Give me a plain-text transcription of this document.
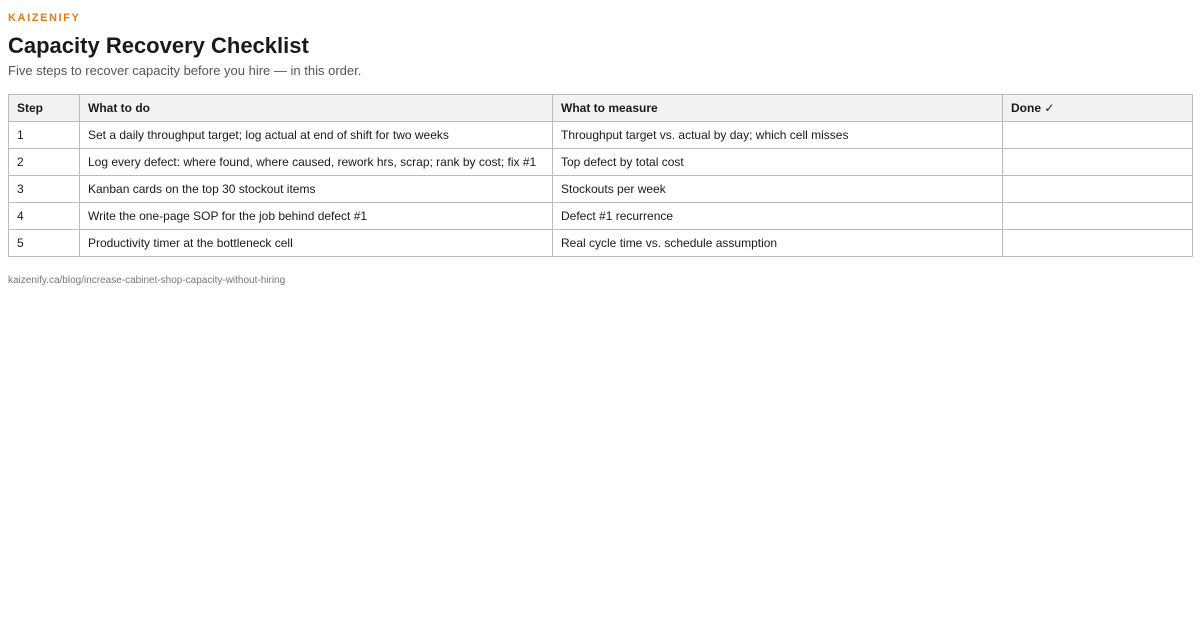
KAIZENIFY
Capacity Recovery Checklist
Five steps to recover capacity before you hire — in this order.
Step	What to do	What to measure	Done ✓
1	Set a daily throughput target; log actual at end of shift for two weeks	Throughput target vs. actual by day; which cell misses	
2	Log every defect: where found, where caused, rework hrs, scrap; rank by cost; fix #1	Top defect by total cost	
3	Kanban cards on the top 30 stockout items	Stockouts per week	
4	Write the one-page SOP for the job behind defect #1	Defect #1 recurrence	
5	Productivity timer at the bottleneck cell	Real cycle time vs. schedule assumption	
kaizenify.ca/blog/increase-cabinet-shop-capacity-without-hiring
